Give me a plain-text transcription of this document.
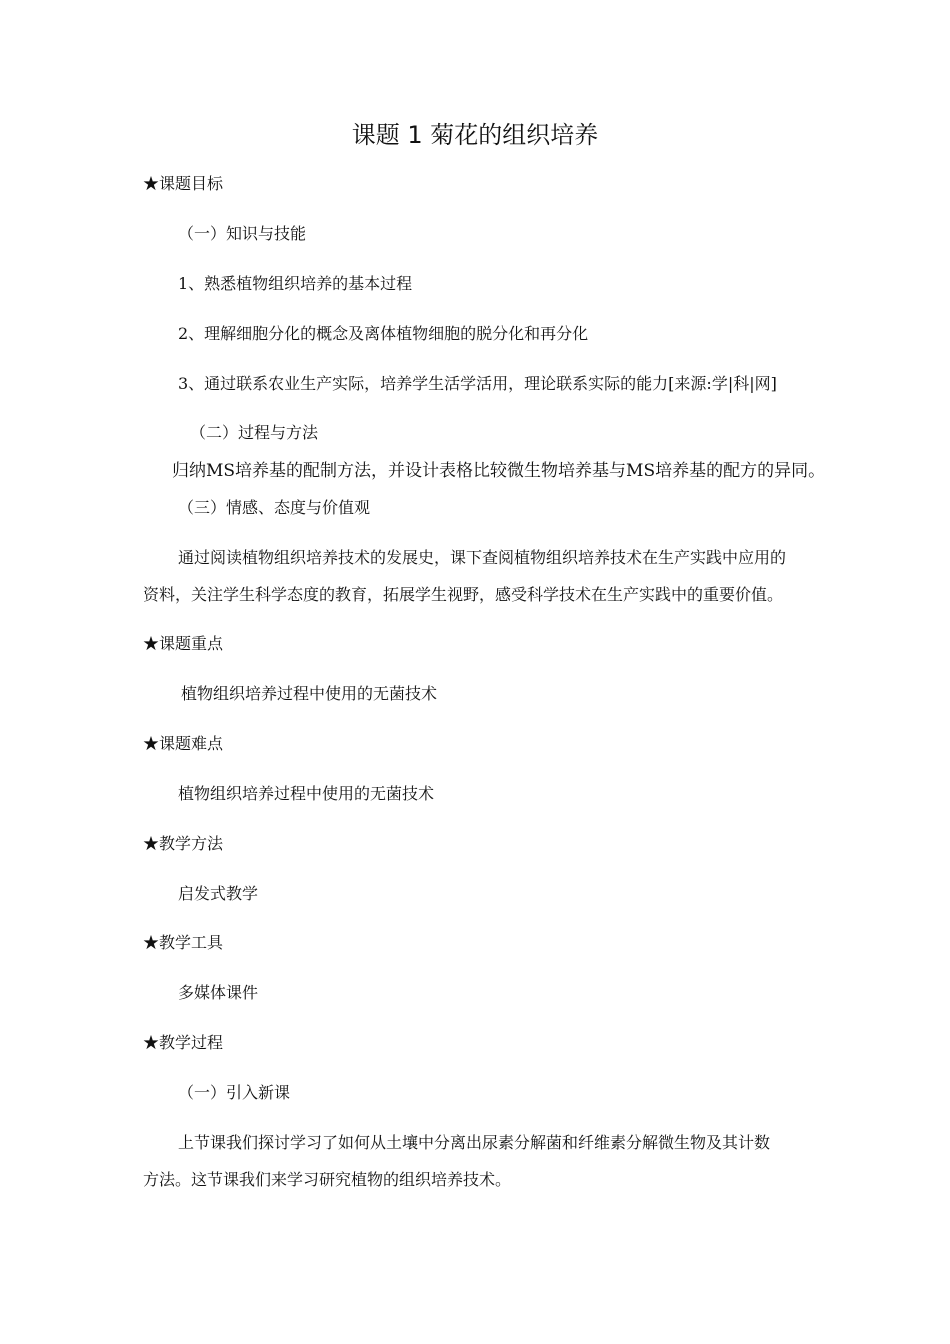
课题 1 菊花的组织培养
★课题目标
（一）知识与技能
1、熟悉植物组织培养的基本过程
2、理解细胞分化的概念及离体植物细胞的脱分化和再分化
3、通过联系农业生产实际，培养学生活学活用，理论联系实际的能力[来源:学|科|网]
（二）过程与方法
归纳MS培养基的配制方法，并设计表格比较微生物培养基与MS培养基的配方的异同。
（三）情感、态度与价值观
通过阅读植物组织培养技术的发展史，课下查阅植物组织培养技术在生产实践中应用的
资料，关注学生科学态度的教育，拓展学生视野，感受科学技术在生产实践中的重要价值。
★课题重点
植物组织培养过程中使用的无菌技术
★课题难点
植物组织培养过程中使用的无菌技术
★教学方法
启发式教学
★教学工具
多媒体课件
★教学过程
（一）引入新课
上节课我们探讨学习了如何从土壤中分离出尿素分解菌和纤维素分解微生物及其计数
方法。这节课我们来学习研究植物的组织培养技术。
